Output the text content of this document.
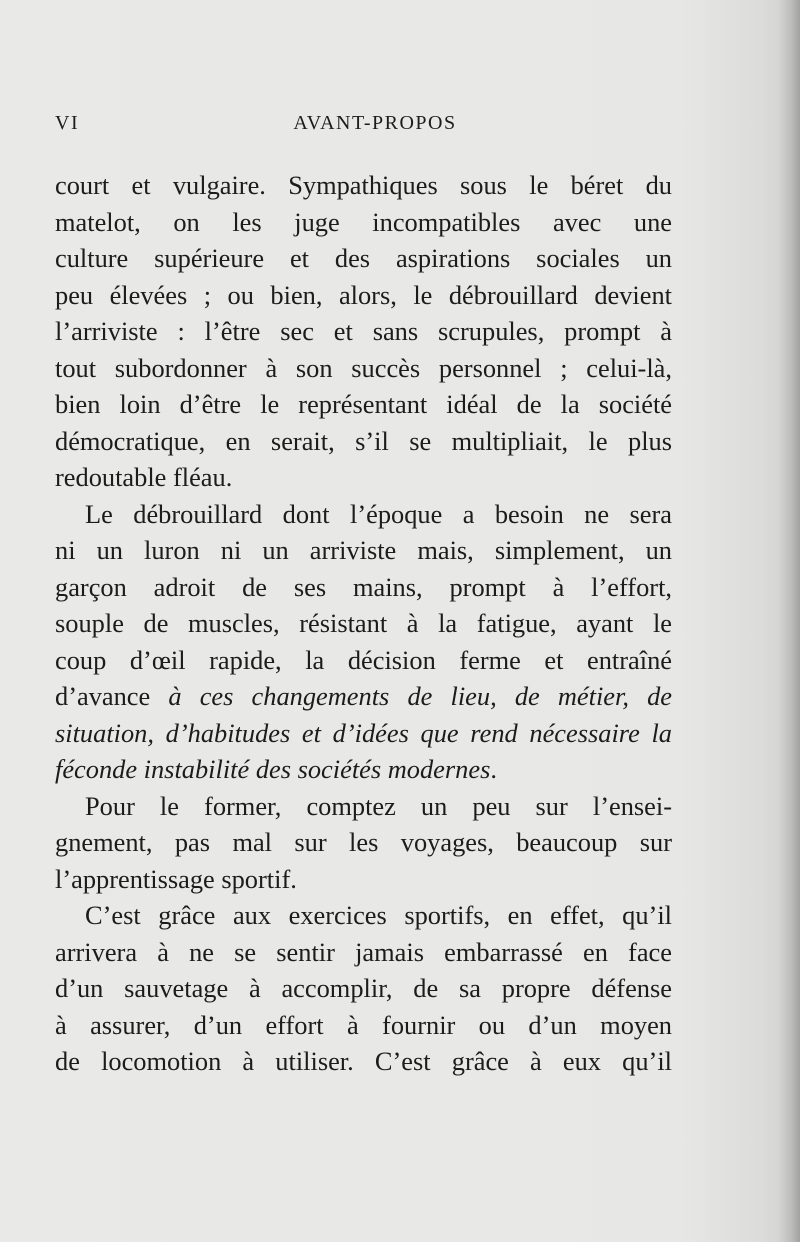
VI	AVANT-PROPOS
court et vulgaire. Sympathiques sous le béret du
matelot, on les juge incompatibles avec une
culture supérieure et des aspirations sociales un
peu élevées ; ou bien, alors, le débrouillard devient
l’arriviste : l’être sec et sans scrupules, prompt à
tout subordonner à son succès personnel ; celui-là,
bien loin d’être le représentant idéal de la société
démocratique, en serait, s’il se multipliait, le plus
redoutable fléau.
Le débrouillard dont l’époque a besoin ne sera
ni un luron ni un arriviste mais, simplement, un
garçon adroit de ses mains, prompt à l’effort,
souple de muscles, résistant à la fatigue, ayant le
coup d’œil rapide, la décision ferme et entraîné
d’avance à ces changements de lieu, de métier, de
situation, d’habitudes et d’idées que rend nécessaire la
féconde instabilité des sociétés modernes.
Pour le former, comptez un peu sur l’ensei-
gnement, pas mal sur les voyages, beaucoup sur
l’apprentissage sportif.
C’est grâce aux exercices sportifs, en effet, qu’il
arrivera à ne se sentir jamais embarrassé en face
d’un sauvetage à accomplir, de sa propre défense
à assurer, d’un effort à fournir ou d’un moyen
de locomotion à utiliser. C’est grâce à eux qu’il
